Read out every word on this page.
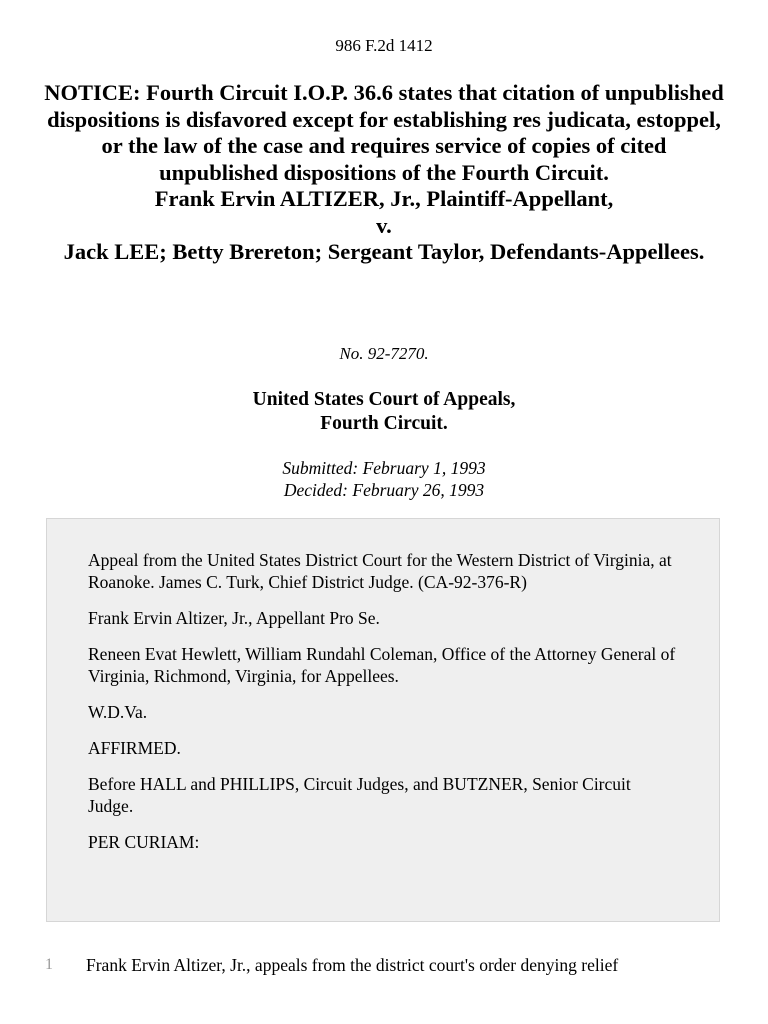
986 F.2d 1412
NOTICE: Fourth Circuit I.O.P. 36.6 states that citation of unpublished dispositions is disfavored except for establishing res judicata, estoppel, or the law of the case and requires service of copies of cited unpublished dispositions of the Fourth Circuit.
Frank Ervin ALTIZER, Jr., Plaintiff-Appellant,
v.
Jack LEE; Betty Brereton; Sergeant Taylor, Defendants-Appellees.
No. 92-7270.
United States Court of Appeals,
Fourth Circuit.
Submitted: February 1, 1993
Decided: February 26, 1993

Appeal from the United States District Court for the Western District of Virginia, at Roanoke. James C. Turk, Chief District Judge. (CA-92-376-R)

Frank Ervin Altizer, Jr., Appellant Pro Se.

Reneen Evat Hewlett, William Rundahl Coleman, Office of the Attorney General of Virginia, Richmond, Virginia, for Appellees.

W.D.Va.

AFFIRMED.

Before HALL and PHILLIPS, Circuit Judges, and BUTZNER, Senior Circuit Judge.

PER CURIAM:

1 Frank Ervin Altizer, Jr., appeals from the district court's order denying relief
